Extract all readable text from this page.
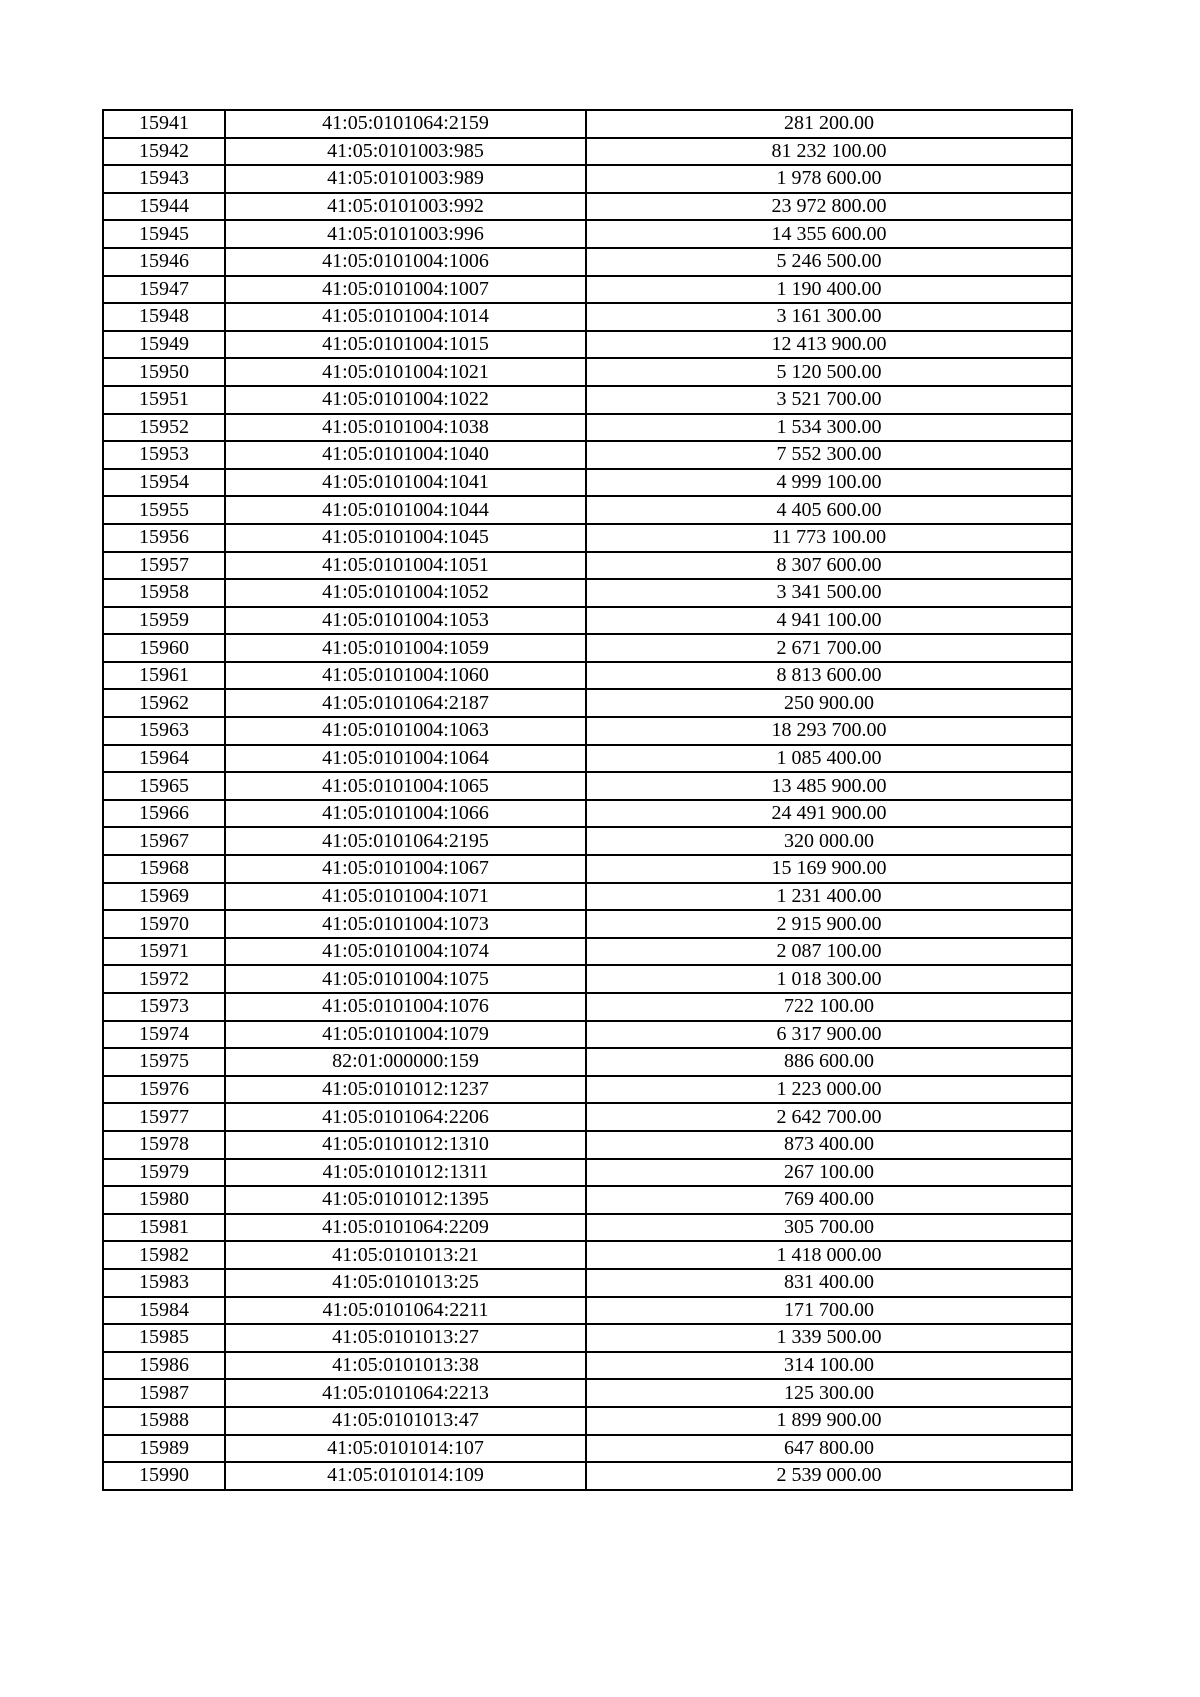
15941	41:05:0101064:2159	281 200.00
15942	41:05:0101003:985	81 232 100.00
15943	41:05:0101003:989	1 978 600.00
15944	41:05:0101003:992	23 972 800.00
15945	41:05:0101003:996	14 355 600.00
15946	41:05:0101004:1006	5 246 500.00
15947	41:05:0101004:1007	1 190 400.00
15948	41:05:0101004:1014	3 161 300.00
15949	41:05:0101004:1015	12 413 900.00
15950	41:05:0101004:1021	5 120 500.00
15951	41:05:0101004:1022	3 521 700.00
15952	41:05:0101004:1038	1 534 300.00
15953	41:05:0101004:1040	7 552 300.00
15954	41:05:0101004:1041	4 999 100.00
15955	41:05:0101004:1044	4 405 600.00
15956	41:05:0101004:1045	11 773 100.00
15957	41:05:0101004:1051	8 307 600.00
15958	41:05:0101004:1052	3 341 500.00
15959	41:05:0101004:1053	4 941 100.00
15960	41:05:0101004:1059	2 671 700.00
15961	41:05:0101004:1060	8 813 600.00
15962	41:05:0101064:2187	250 900.00
15963	41:05:0101004:1063	18 293 700.00
15964	41:05:0101004:1064	1 085 400.00
15965	41:05:0101004:1065	13 485 900.00
15966	41:05:0101004:1066	24 491 900.00
15967	41:05:0101064:2195	320 000.00
15968	41:05:0101004:1067	15 169 900.00
15969	41:05:0101004:1071	1 231 400.00
15970	41:05:0101004:1073	2 915 900.00
15971	41:05:0101004:1074	2 087 100.00
15972	41:05:0101004:1075	1 018 300.00
15973	41:05:0101004:1076	722 100.00
15974	41:05:0101004:1079	6 317 900.00
15975	82:01:000000:159	886 600.00
15976	41:05:0101012:1237	1 223 000.00
15977	41:05:0101064:2206	2 642 700.00
15978	41:05:0101012:1310	873 400.00
15979	41:05:0101012:1311	267 100.00
15980	41:05:0101012:1395	769 400.00
15981	41:05:0101064:2209	305 700.00
15982	41:05:0101013:21	1 418 000.00
15983	41:05:0101013:25	831 400.00
15984	41:05:0101064:2211	171 700.00
15985	41:05:0101013:27	1 339 500.00
15986	41:05:0101013:38	314 100.00
15987	41:05:0101064:2213	125 300.00
15988	41:05:0101013:47	1 899 900.00
15989	41:05:0101014:107	647 800.00
15990	41:05:0101014:109	2 539 000.00
